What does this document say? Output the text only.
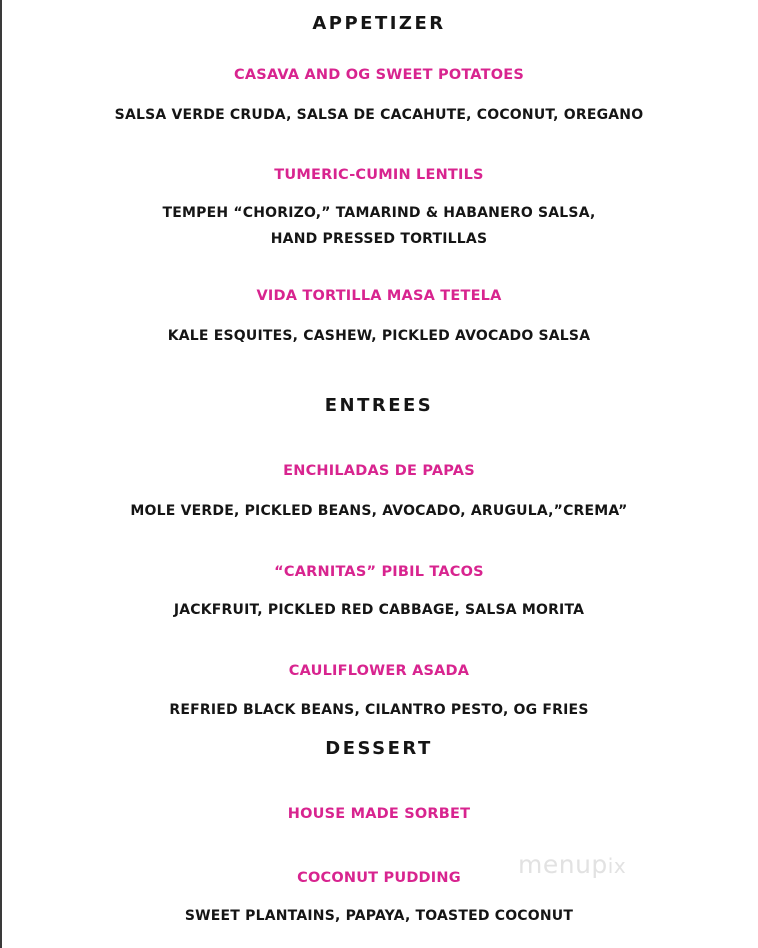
APPETIZER
CASAVA AND OG SWEET POTATOES
SALSA VERDE CRUDA, SALSA DE CACAHUTE, COCONUT, OREGANO
TUMERIC-CUMIN LENTILS
TEMPEH “CHORIZO,” TAMARIND & HABANERO SALSA,
HAND PRESSED TORTILLAS
VIDA TORTILLA MASA TETELA
KALE ESQUITES, CASHEW, PICKLED AVOCADO SALSA
ENTREES
ENCHILADAS DE PAPAS
MOLE VERDE, PICKLED BEANS, AVOCADO, ARUGULA,”CREMA”
“CARNITAS” PIBIL TACOS
JACKFRUIT, PICKLED RED CABBAGE, SALSA MORITA
CAULIFLOWER ASADA
REFRIED BLACK BEANS, CILANTRO PESTO, OG FRIES
DESSERT
HOUSE MADE SORBET
COCONUT PUDDING
SWEET PLANTAINS, PAPAYA, TOASTED COCONUT
menupix
